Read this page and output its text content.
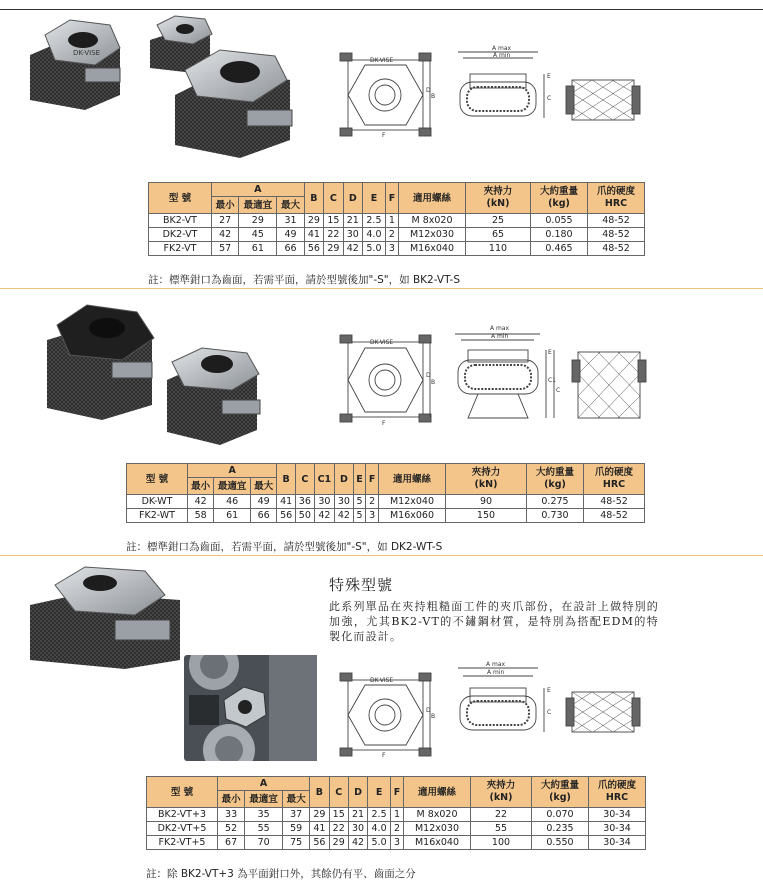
DK-VISE
A max
A min
DK-VISE
D
B
E
C
F
型 號	A			B	C	D	E	F	適用螺絲	夾持力
(kN)	大約重量
(kg)	爪的硬度
HRC
	最小	最適宜	最大									
BK2-VT	27	29	31	29	15	21	2.5	1	M 8x020	25	0.055	48-52
DK2-VT	42	45	49	41	22	30	4.0	2	M12x030	65	0.180	48-52
FK2-VT	57	61	66	56	29	42	5.0	3	M16x040	110	0.465	48-52
註：標準鉗口為齒面，若需平面，請於型號後加"-S"，如 BK2-VT-S
A max
A min
DK-VISE
D
B
E
C1
C
F
型 號	A			B	C	C1	D	E	F	適用螺絲	夾持力
(kN)	大約重量
(kg)	爪的硬度
HRC
	最小	最適宜	最大										
DK-WT	42	46	49	41	36	30	30	5	2	M12x040	90	0.275	48-52
FK2-WT	58	61	66	56	50	42	42	5	3	M16x060	150	0.730	48-52
註：標準鉗口為齒面，若需平面，請於型號後加"-S"，如 DK2-WT-S
特殊型號
此系列單品在夾持粗糙面工件的夾爪部份，在設計上做特別的加強，尤其BK2-VT的不鏽鋼材質，是特別為搭配EDM的特製化而設計。
A max
A min
DK-VISE
D
B
E
C
F
型 號	A			B	C	D	E	F	適用螺絲	夾持力
(kN)	大約重量
(kg)	爪的硬度
HRC
	最小	最適宜	最大									
BK2-VT+3	33	35	37	29	15	21	2.5	1	M 8x020	22	0.070	30-34
DK2-VT+5	52	55	59	41	22	30	4.0	2	M12x030	55	0.235	30-34
FK2-VT+5	67	70	75	56	29	42	5.0	3	M16x040	100	0.550	30-34
註：除 BK2-VT+3 為平面鉗口外，其餘仍有平、齒面之分
